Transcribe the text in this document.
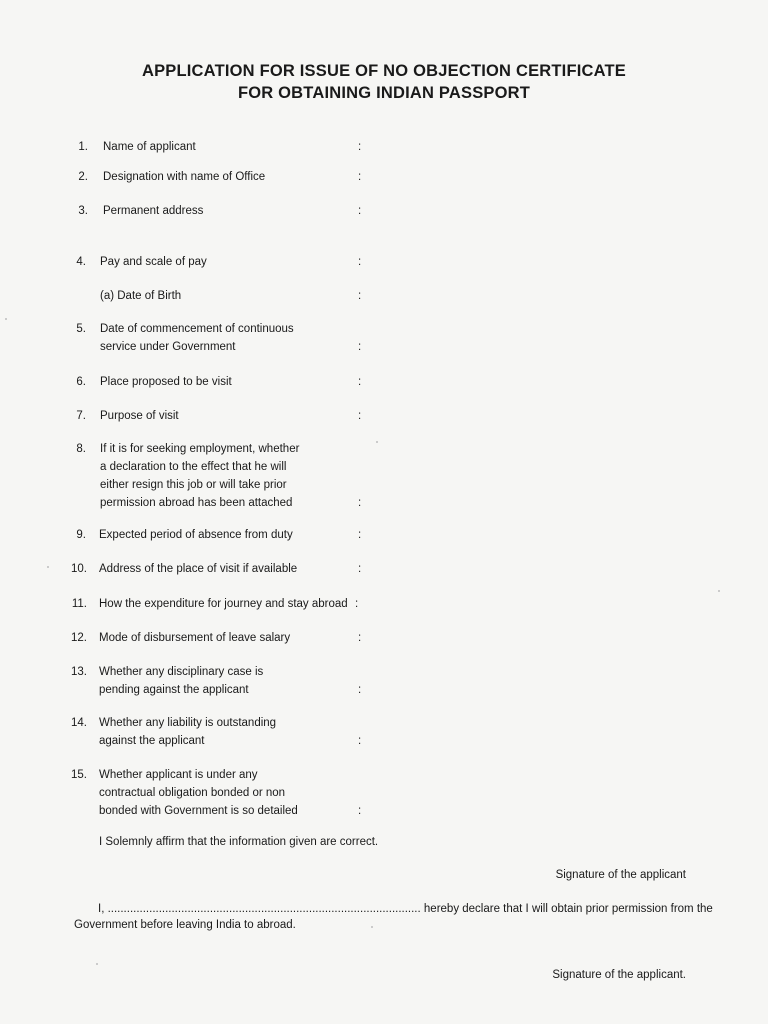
APPLICATION FOR ISSUE OF NO OBJECTION CERTIFICATE
FOR OBTAINING INDIAN PASSPORT
1. Name of applicant	:
2. Designation with name of Office	:
3. Permanent address	:
4. Pay and scale of pay	:
(a) Date of Birth	:
5. Date of commencement of continuous
service under Government	:
6. Place proposed to be visit	:
7. Purpose of visit	:
8. If it is for seeking employment, whether
a declaration to the effect that he will
either resign this job or will take prior
permission abroad has been attached	:
9. Expected period of absence from duty	:
10. Address of the place of visit if available	:
11. How the expenditure for journey and stay abroad :
12. Mode of disbursement of leave salary	:
13. Whether any disciplinary case is
pending against the applicant	:
14. Whether any liability is outstanding
against the applicant	:
15. Whether applicant is under any
contractual obligation bonded or non
bonded with Government is so detailed	:
I Solemnly affirm that the information given are correct.
Signature of the applicant
I, .................................................................................................. hereby declare that I will obtain prior permission from the
Government before leaving India to abroad.
Signature of the applicant.
